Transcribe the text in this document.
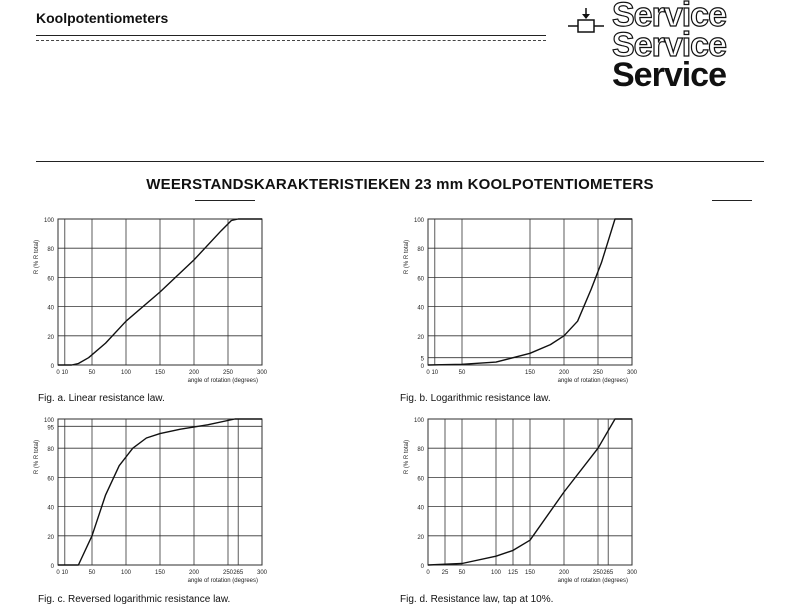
Koolpotentiometers	Service
Service
Service
WEERSTANDSKARAKTERISTIEKEN 23 mm KOOLPOTENTIOMETERS
0
20
40
60
80
100
0 10	50	100	150	200	250	300
angle of rotation (degrees)
R (% R total)
Fig. a. Linear resistance law.
0
5
20
40
60
80
100
0 10	50	150	200	250	300
angle of rotation (degrees)
R (% R total)
Fig. b. Logarithmic resistance law.
0
20
40
60
80
95
100
0 10	50	100	150	200	250 265 300
angle of rotation (degrees)
R (% R total)
Fig. c. Reversed logarithmic resistance law.
0
20
40
60
80
100
0 25 50	100 125 150	200	250 265 300
angle of rotation (degrees)
R (% R total)
Fig. d. Resistance law, tap at 10%.
